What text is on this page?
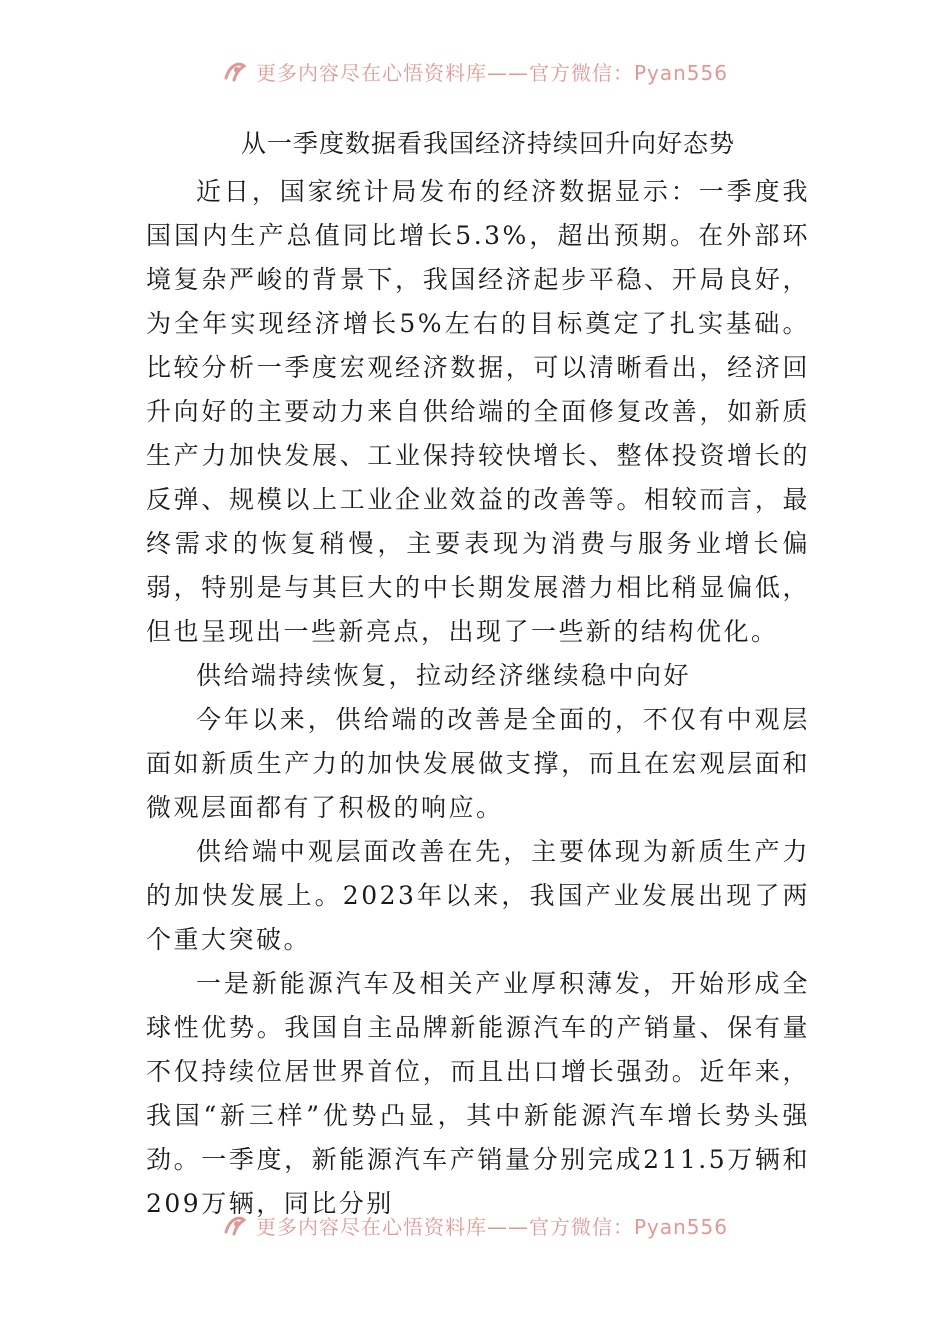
更多内容尽在心悟资料库——官方微信：Pyan556
从一季度数据看我国经济持续回升向好态势

近日，国家统计局发布的经济数据显示：一季度我国国内生产总值同比增长5.3%，超出预期。在外部环境复杂严峻的背景下，我国经济起步平稳、开局良好，为全年实现经济增长5%左右的目标奠定了扎实基础。比较分析一季度宏观经济数据，可以清晰看出，经济回升向好的主要动力来自供给端的全面修复改善，如新质生产力加快发展、工业保持较快增长、整体投资增长的反弹、规模以上工业企业效益的改善等。相较而言，最终需求的恢复稍慢，主要表现为消费与服务业增长偏弱，特别是与其巨大的中长期发展潜力相比稍显偏低，但也呈现出一些新亮点，出现了一些新的结构优化。

供给端持续恢复，拉动经济继续稳中向好

今年以来，供给端的改善是全面的，不仅有中观层面如新质生产力的加快发展做支撑，而且在宏观层面和微观层面都有了积极的响应。

供给端中观层面改善在先，主要体现为新质生产力的加快发展上。2023年以来，我国产业发展出现了两个重大突破。

一是新能源汽车及相关产业厚积薄发，开始形成全球性优势。我国自主品牌新能源汽车的产销量、保有量不仅持续位居世界首位，而且出口增长强劲。近年来，我国“新三样”优势凸显，其中新能源汽车增长势头强劲。一季度，新能源汽车产销量分别完成211.5万辆和209万辆，同比分别

更多内容尽在心悟资料库——官方微信：Pyan556
